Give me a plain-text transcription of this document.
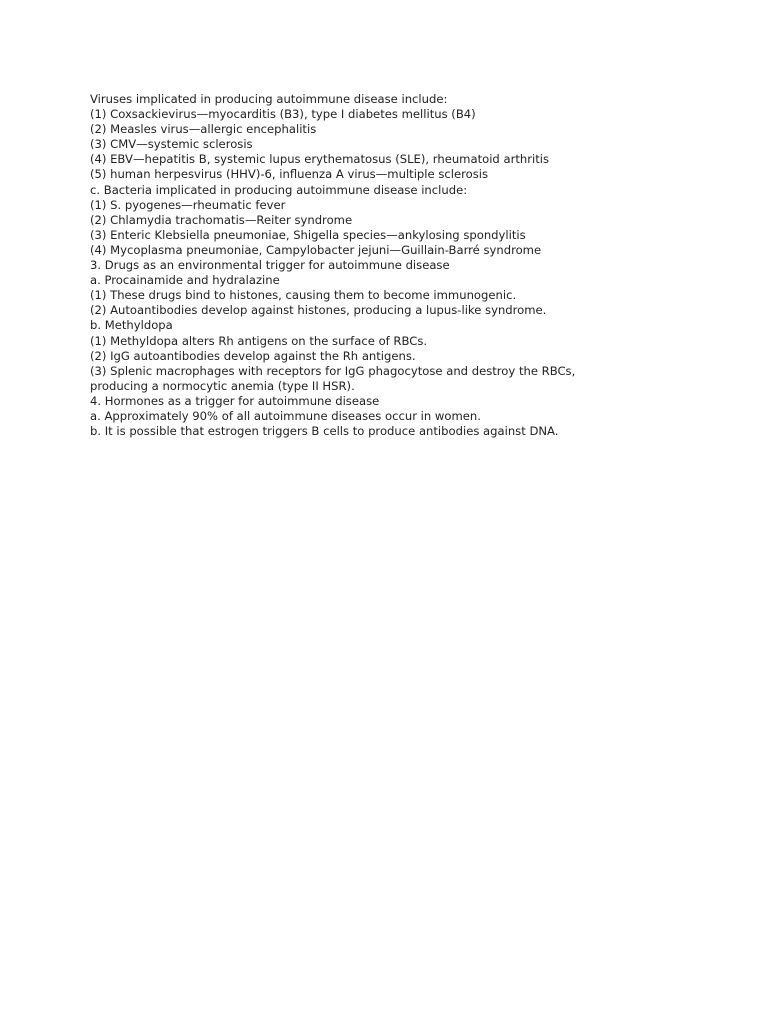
Viruses implicated in producing autoimmune disease include:
(1) Coxsackievirus—myocarditis (B3), type I diabetes mellitus (B4)
(2) Measles virus—allergic encephalitis
(3) CMV—systemic sclerosis
(4) EBV—hepatitis B, systemic lupus erythematosus (SLE), rheumatoid arthritis
(5) human herpesvirus (HHV)-6, influenza A virus—multiple sclerosis
c. Bacteria implicated in producing autoimmune disease include:
(1) S. pyogenes—rheumatic fever
(2) Chlamydia trachomatis—Reiter syndrome
(3) Enteric Klebsiella pneumoniae, Shigella species—ankylosing spondylitis
(4) Mycoplasma pneumoniae, Campylobacter jejuni—Guillain-Barré syndrome
3. Drugs as an environmental trigger for autoimmune disease
a. Procainamide and hydralazine
(1) These drugs bind to histones, causing them to become immunogenic.
(2) Autoantibodies develop against histones, producing a lupus-like syndrome.
b. Methyldopa
(1) Methyldopa alters Rh antigens on the surface of RBCs.
(2) IgG autoantibodies develop against the Rh antigens.
(3) Splenic macrophages with receptors for IgG phagocytose and destroy the RBCs,
producing a normocytic anemia (type II HSR).
4. Hormones as a trigger for autoimmune disease
a. Approximately 90% of all autoimmune diseases occur in women.
b. It is possible that estrogen triggers B cells to produce antibodies against DNA.
